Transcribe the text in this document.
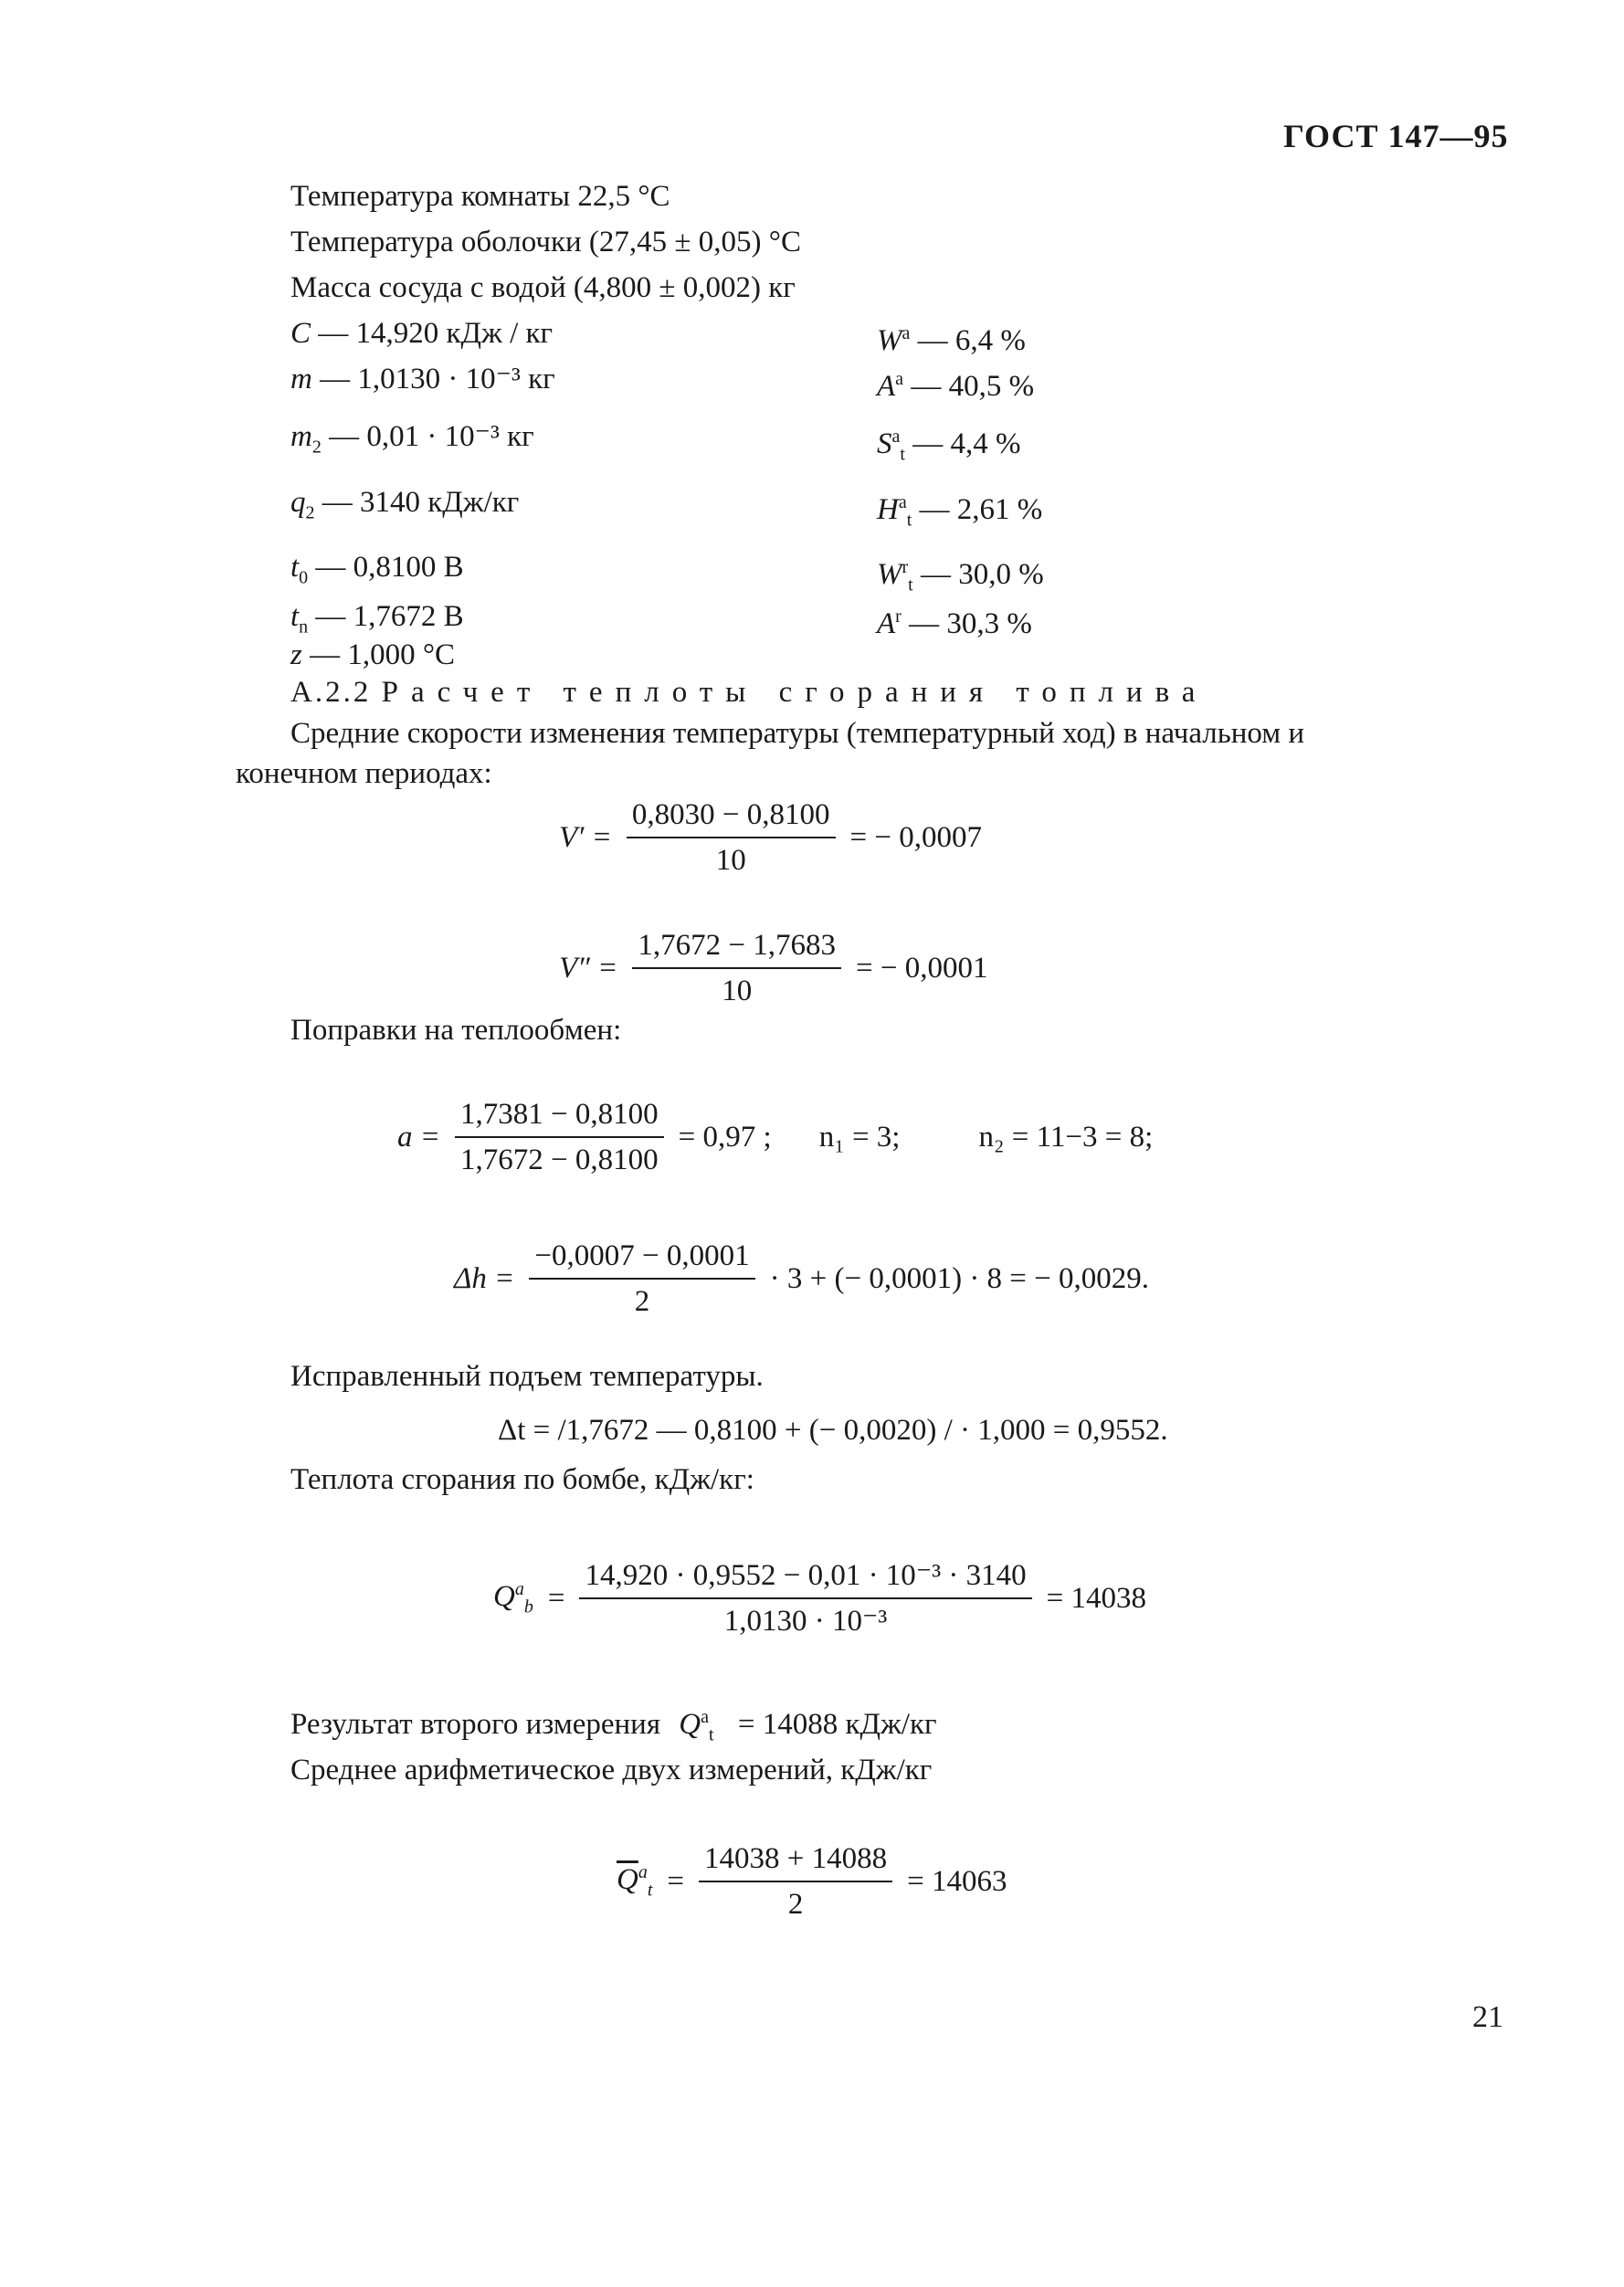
ГОСТ 147—95
Температура комнаты 22,5 °С
Температура оболочки (27,45 ± 0,05) °С
Масса сосуда с водой (4,800 ± 0,002) кг
C — 14,920 кДж / кг
m — 1,0130 · 10⁻³ кг
$m_2$ — 0,01 · 10⁻³ кг
$q_2$ — 3140 кДж/кг
$t_0$ — 0,8100 В
$t_n$ — 1,7672 В
z — 1,000 °С
$W^a$ — 6,4 %
$A^a$ — 40,5 %
$S^a_t$ — 4,4 %
$H^a_t$ — 2,61 %
$W^r_t$ — 30,0 %
$A^r$ — 30,3 %
А.2.2 Расчет теплоты сгорания топлива
Средние скорости изменения температуры (температурный ход) в начальном и
конечном периодах:
$V' = \frac{0,8030 - 0,8100}{10}$ = − 0,0007
$V'' = \frac{1,7672 - 1,7683}{10}$ = − 0,0001
Поправки на теплообмен:
$a = \frac{1,7381 - 0,8100}{1,7672 - 0,8100} = 0,97$ ; n₁ = 3;	n₂ = 11−3 = 8;
$\Delta h = \frac{-0,0007 - 0,0001}{2} \cdot 3$ + (− 0,0001) · 8 = − 0,0029.
Исправленный подъем температуры.
Δt = /1,7672 — 0,8100 + (− 0,0020) / · 1,000 = 0,9552.
Теплота сгорания по бомбе, кДж/кг:
$Q^a_b = \frac{\text{14,920 · 0,9552 − 0,01 · 10⁻³ · 3140}}{\text{1,0130 · 10⁻³}} = 14038$
Результат второго измерения $Q^a_t = 14088$ кДж/кг
Среднее арифметическое двух измерений, кДж/кг
$\overline{Q}^a_t = \frac{14038 + 14088}{2} = 14063$
21
